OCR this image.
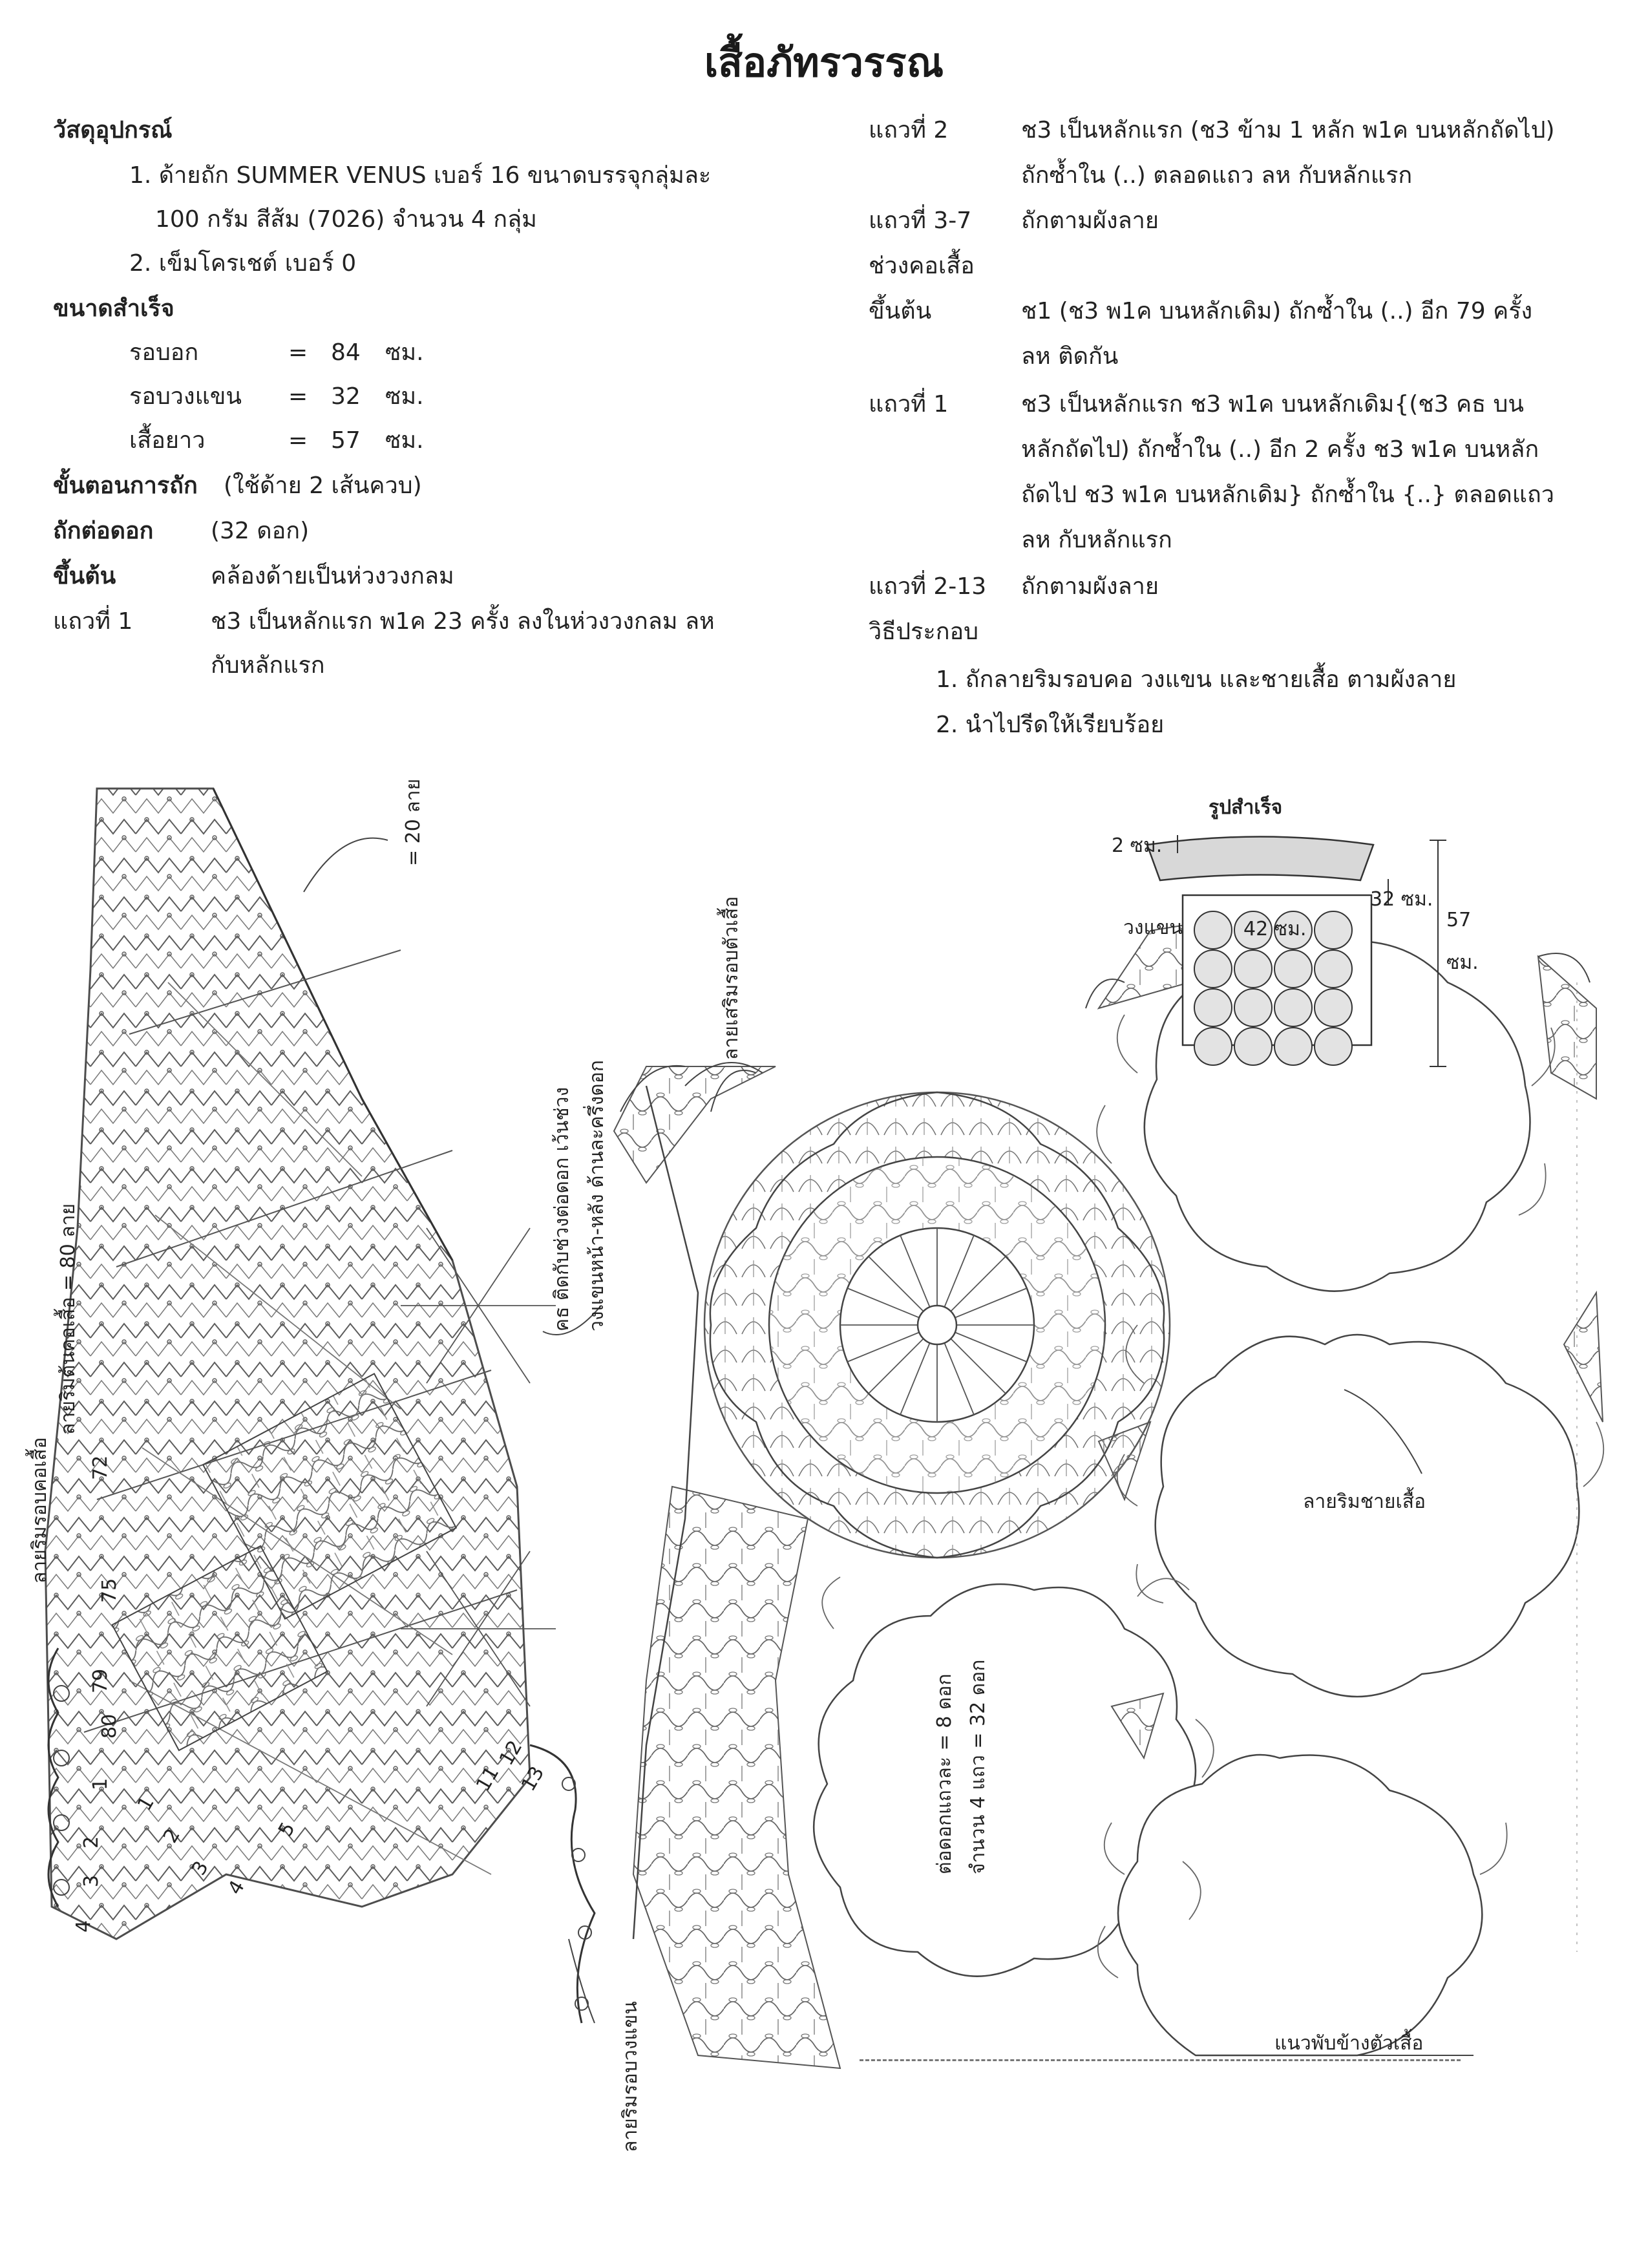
เสื้อภัทรวรรณ
วัสดุอุปกรณ์
1. ด้ายถัก SUMMER VENUS เบอร์ 16 ขนาดบรรจุกลุ่มละ
100 กรัม สีส้ม (7026) จำนวน 4 กลุ่ม
2. เข็มโครเชต์ เบอร์ 0
ขนาดสำเร็จ
รอบอก	= 84 ซม.
รอบวงแขน = 32 ซม.
เสื้อยาว	= 57 ซม.
ขั้นตอนการถัก (ใช้ด้าย 2 เส้นควบ)
ถักต่อดอก (32 ดอก)
ขึ้นต้น	คล้องด้ายเป็นห่วงวงกลม
แถวที่ 1	ช3 เป็นหลักแรก พ1ค 23 ครั้ง ลงในห่วงวงกลม ลห
กับหลักแรก
แถวที่ 2	ช3 เป็นหลักแรก (ช3 ข้าม 1 หลัก พ1ค บนหลักถัดไป)
ถักซ้ำใน (..) ตลอดแถว ลห กับหลักแรก
แถวที่ 3-7 ถักตามผังลาย
ช่วงคอเสื้อ
ขึ้นต้น	ช1 (ช3 พ1ค บนหลักเดิม) ถักซ้ำใน (..) อีก 79 ครั้ง
ลห ติดกัน
แถวที่ 1	ช3 เป็นหลักแรก ช3 พ1ค บนหลักเดิม{(ช3 คธ บน
หลักถัดไป) ถักซ้ำใน (..) อีก 2 ครั้ง ช3 พ1ค บนหลัก
ถัดไป ช3 พ1ค บนหลักเดิม} ถักซ้ำใน {..} ตลอดแถว
ลห กับหลักแรก
แถวที่ 2-13 ถักตามผังลาย
วิธีประกอบ
1. ถักลายริมรอบคอ วงแขน และชายเสื้อ ตามผังลาย
2. นำไปรีดให้เรียบร้อย
รูปสำเร็จ
2 ซม.
32 ซม.
วงแขน	42 ซม.	57
ซม.
= 20 ลาย
ลายริมต้นคอเสื้อ = 80 ลาย
ลายริมรอบคอเสื้อ
คธ ติดกับช่วงต่อดอก เว้นช่วง วงแขนหน้า-หลัง ด้านละครึ่งดอก
ลายเสริมรอบตัวเสื้อ
ลายริมชายเสื้อ
ต่อดอกแถวละ = 8 ดอก จำนวน 4 แถว = 32 ดอก
ลายริมรอบวงแขน	แนวพับข้างตัวเสื้อ
72
75
79
80
1
1
2	2
3
3
4
4
5
11
12
13
